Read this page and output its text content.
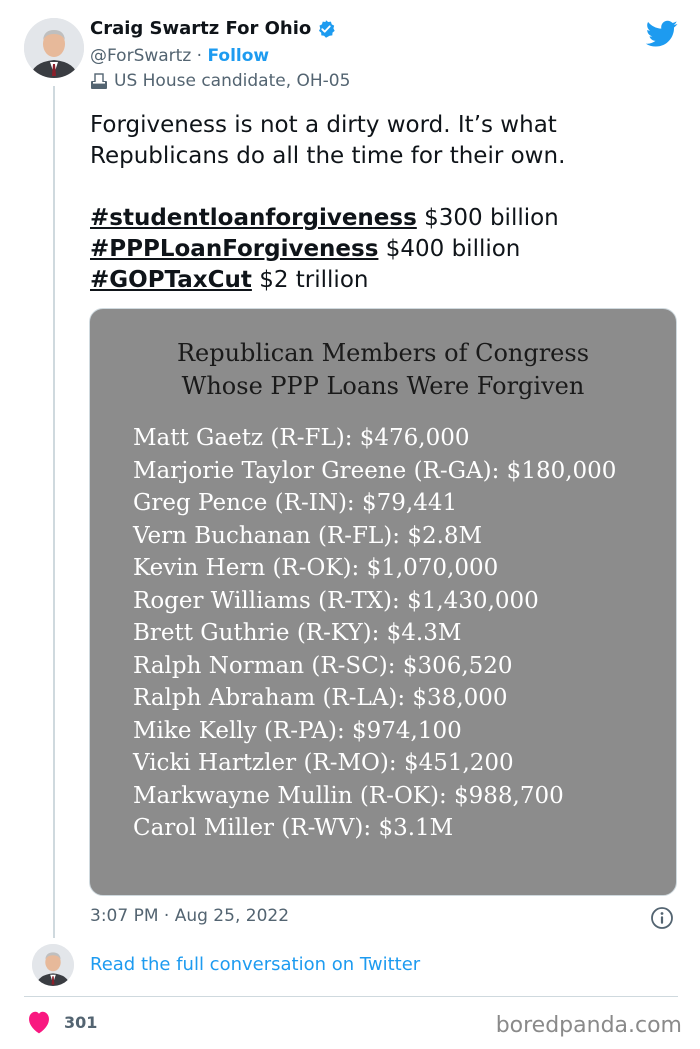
Craig Swartz For Ohio
@ForSwartz · Follow
US House candidate, OH-05

Forgiveness is not a dirty word. It’s what Republicans do all the time for their own.

#studentloanforgiveness $300 billion

#PPPLoanForgiveness $400 billion

#GOPTaxCut $2 trillion

Republican Members of Congress
Whose PPP Loans Were Forgiven
Matt Gaetz (R-FL): $476,000
Marjorie Taylor Greene (R-GA): $180,000
Greg Pence (R-IN): $79,441
Vern Buchanan (R-FL): $2.8M
Kevin Hern (R-OK): $1,070,000
Roger Williams (R-TX): $1,430,000
Brett Guthrie (R-KY): $4.3M
Ralph Norman (R-SC): $306,520
Ralph Abraham (R-LA): $38,000
Mike Kelly (R-PA): $974,100
Vicki Hartzler (R-MO): $451,200
Markwayne Mullin (R-OK): $988,700
Carol Miller (R-WV): $3.1M
3:07 PM · Aug 25, 2022
Read the full conversation on Twitter
301	boredpanda.com
